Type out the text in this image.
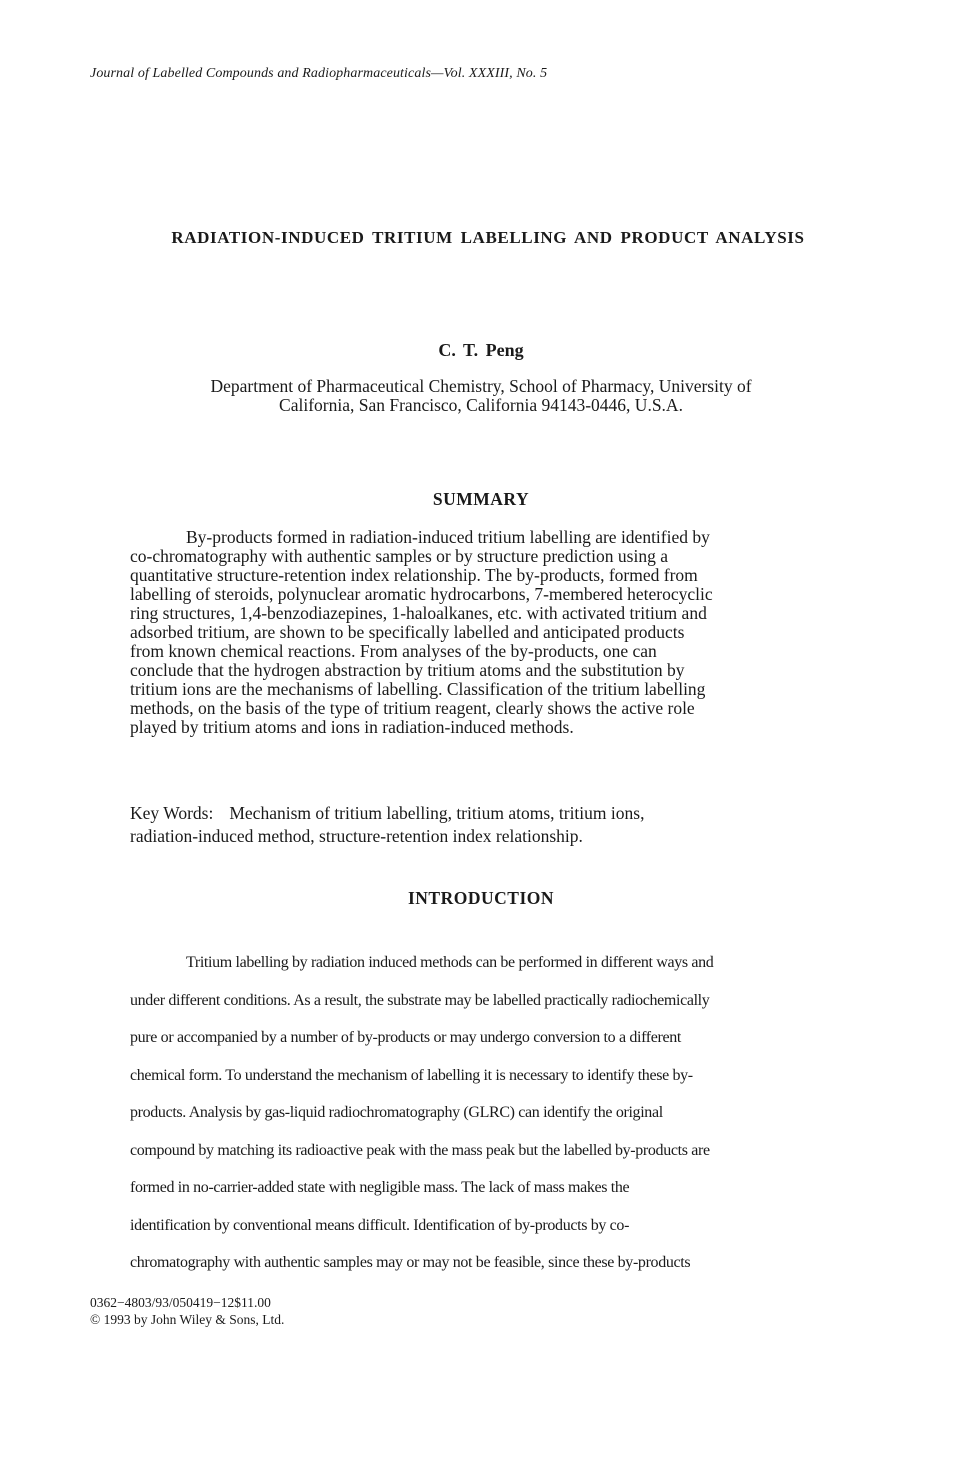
Journal of Labelled Compounds and Radiopharmaceuticals—Vol. XXXIII, No. 5
RADIATION-INDUCED TRITIUM LABELLING AND PRODUCT ANALYSIS
C. T. Peng
Department of Pharmaceutical Chemistry, School of Pharmacy, University of
California, San Francisco, California 94143-0446, U.S.A.
SUMMARY
By-products formed in radiation-induced tritium labelling are identified by
co-chromatography with authentic samples or by structure prediction using a
quantitative structure-retention index relationship. The by-products, formed from
labelling of steroids, polynuclear aromatic hydrocarbons, 7-membered heterocyclic
ring structures, 1,4-benzodiazepines, 1-haloalkanes, etc. with activated tritium and
adsorbed tritium, are shown to be specifically labelled and anticipated products
from known chemical reactions. From analyses of the by-products, one can
conclude that the hydrogen abstraction by tritium atoms and the substitution by
tritium ions are the mechanisms of labelling. Classification of the tritium labelling
methods, on the basis of the type of tritium reagent, clearly shows the active role
played by tritium atoms and ions in radiation-induced methods.
Key Words: Mechanism of tritium labelling, tritium atoms, tritium ions,
radiation-induced method, structure-retention index relationship.
INTRODUCTION
Tritium labelling by radiation induced methods can be performed in different ways and
under different conditions. As a result, the substrate may be labelled practically radiochemically
pure or accompanied by a number of by-products or may undergo conversion to a different
chemical form. To understand the mechanism of labelling it is necessary to identify these by-
products. Analysis by gas-liquid radiochromatography (GLRC) can identify the original
compound by matching its radioactive peak with the mass peak but the labelled by-products are
formed in no-carrier-added state with negligible mass. The lack of mass makes the
identification by conventional means difficult. Identification of by-products by co-
chromatography with authentic samples may or may not be feasible, since these by-products
0362−4803/93/050419−12$11.00
© 1993 by John Wiley & Sons, Ltd.
